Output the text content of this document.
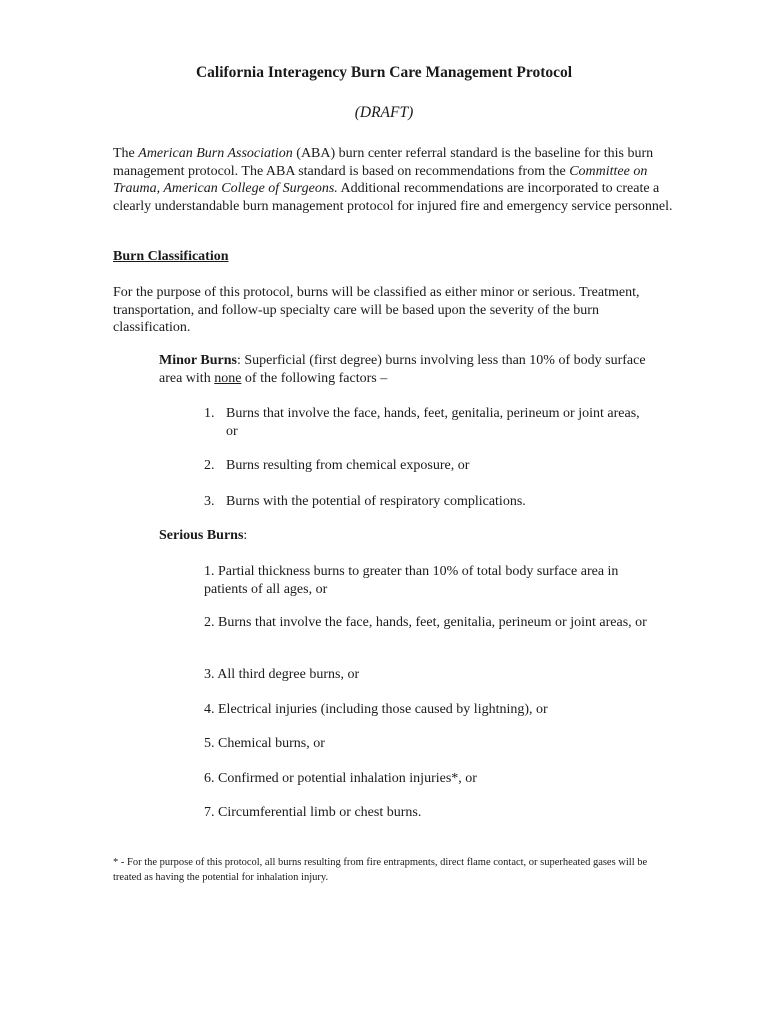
California Interagency Burn Care Management Protocol
(DRAFT)

The American Burn Association (ABA) burn center referral standard is the baseline for this burn management protocol. The ABA standard is based on recommendations from the Committee on Trauma, American College of Surgeons. Additional recommendations are incorporated to create a clearly understandable burn management protocol for injured fire and emergency service personnel.

Burn Classification

For the purpose of this protocol, burns will be classified as either minor or serious. Treatment, transportation, and follow-up specialty care will be based upon the severity of the burn classification.

Minor Burns: Superficial (first degree) burns involving less than 10% of body surface area with none of the following factors –

1. Burns that involve the face, hands, feet, genitalia, perineum or joint areas, or
2. Burns resulting from chemical exposure, or
3. Burns with the potential of respiratory complications.
Serious Burns:

1. Partial thickness burns to greater than 10% of total body surface area in patients of all ages, or

2. Burns that involve the face, hands, feet, genitalia, perineum or joint areas, or

3. All third degree burns, or

4. Electrical injuries (including those caused by lightning), or

5. Chemical burns, or

6. Confirmed or potential inhalation injuries*, or

7. Circumferential limb or chest burns.

* - For the purpose of this protocol, all burns resulting from fire entrapments, direct flame contact, or superheated gases will be treated as having the potential for inhalation injury.
